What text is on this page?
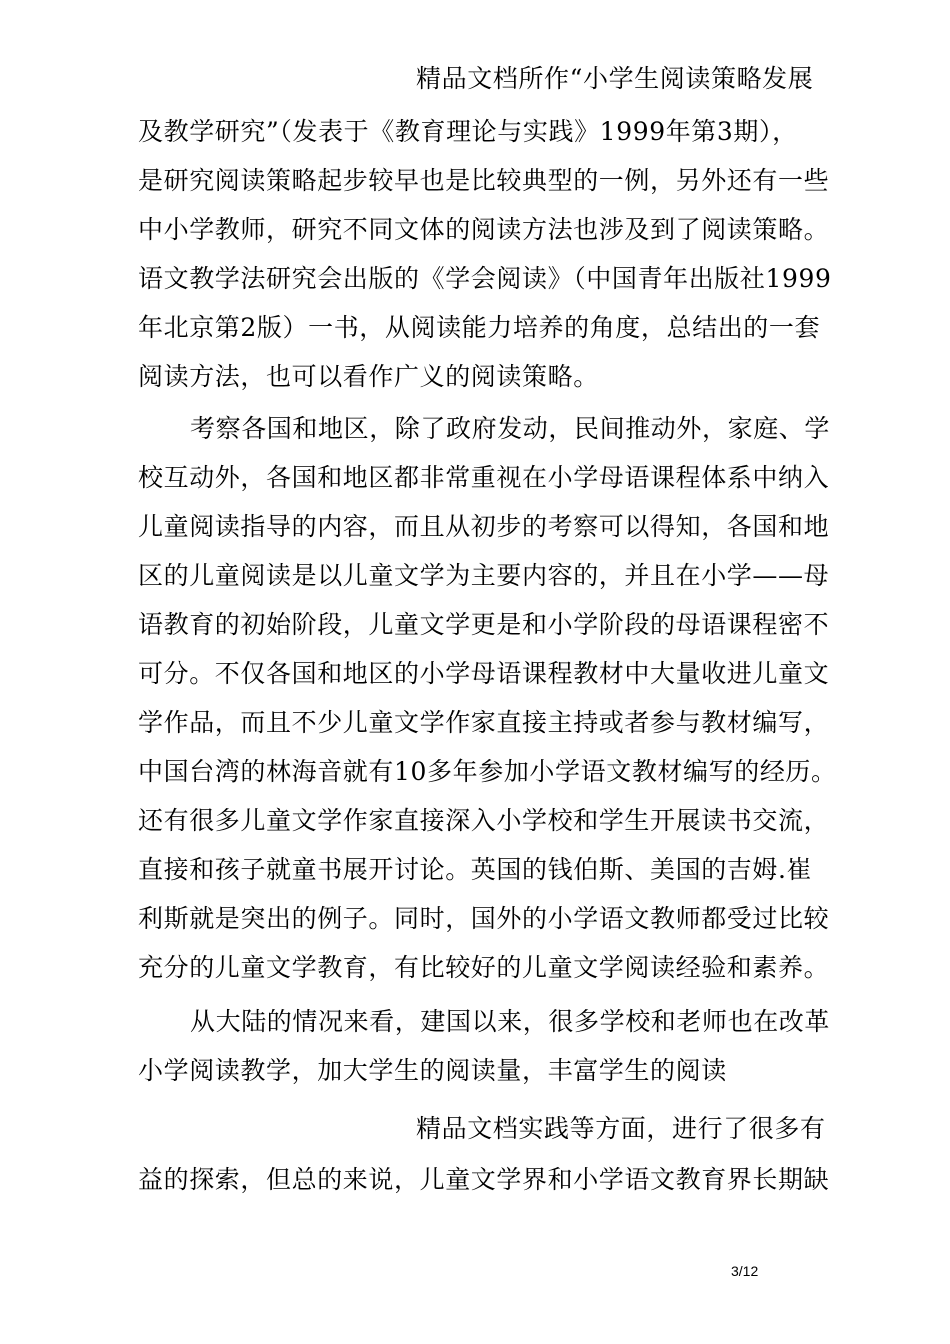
精品文档所作“小学生阅读策略发展
及教学研究”（发表于《教育理论与实践》1999年第3期），
是研究阅读策略起步较早也是比较典型的一例，另外还有一些
中小学教师，研究不同文体的阅读方法也涉及到了阅读策略。
语文教学法研究会出版的《学会阅读》（中国青年出版社1999
年北京第2版）一书，从阅读能力培养的角度，总结出的一套
阅读方法，也可以看作广义的阅读策略。
考察各国和地区，除了政府发动，民间推动外，家庭、学
校互动外，各国和地区都非常重视在小学母语课程体系中纳入
儿童阅读指导的内容，而且从初步的考察可以得知，各国和地
区的儿童阅读是以儿童文学为主要内容的，并且在小学——母
语教育的初始阶段，儿童文学更是和小学阶段的母语课程密不
可分。不仅各国和地区的小学母语课程教材中大量收进儿童文
学作品，而且不少儿童文学作家直接主持或者参与教材编写，
中国台湾的林海音就有10多年参加小学语文教材编写的经历。
还有很多儿童文学作家直接深入小学校和学生开展读书交流，
直接和孩子就童书展开讨论。英国的钱伯斯、美国的吉姆.崔
利斯就是突出的例子。同时，国外的小学语文教师都受过比较
充分的儿童文学教育，有比较好的儿童文学阅读经验和素养。
从大陆的情况来看，建国以来，很多学校和老师也在改革
小学阅读教学，加大学生的阅读量，丰富学生的阅读
精品文档实践等方面，进行了很多有
益的探索，但总的来说，儿童文学界和小学语文教育界长期缺
3/12
